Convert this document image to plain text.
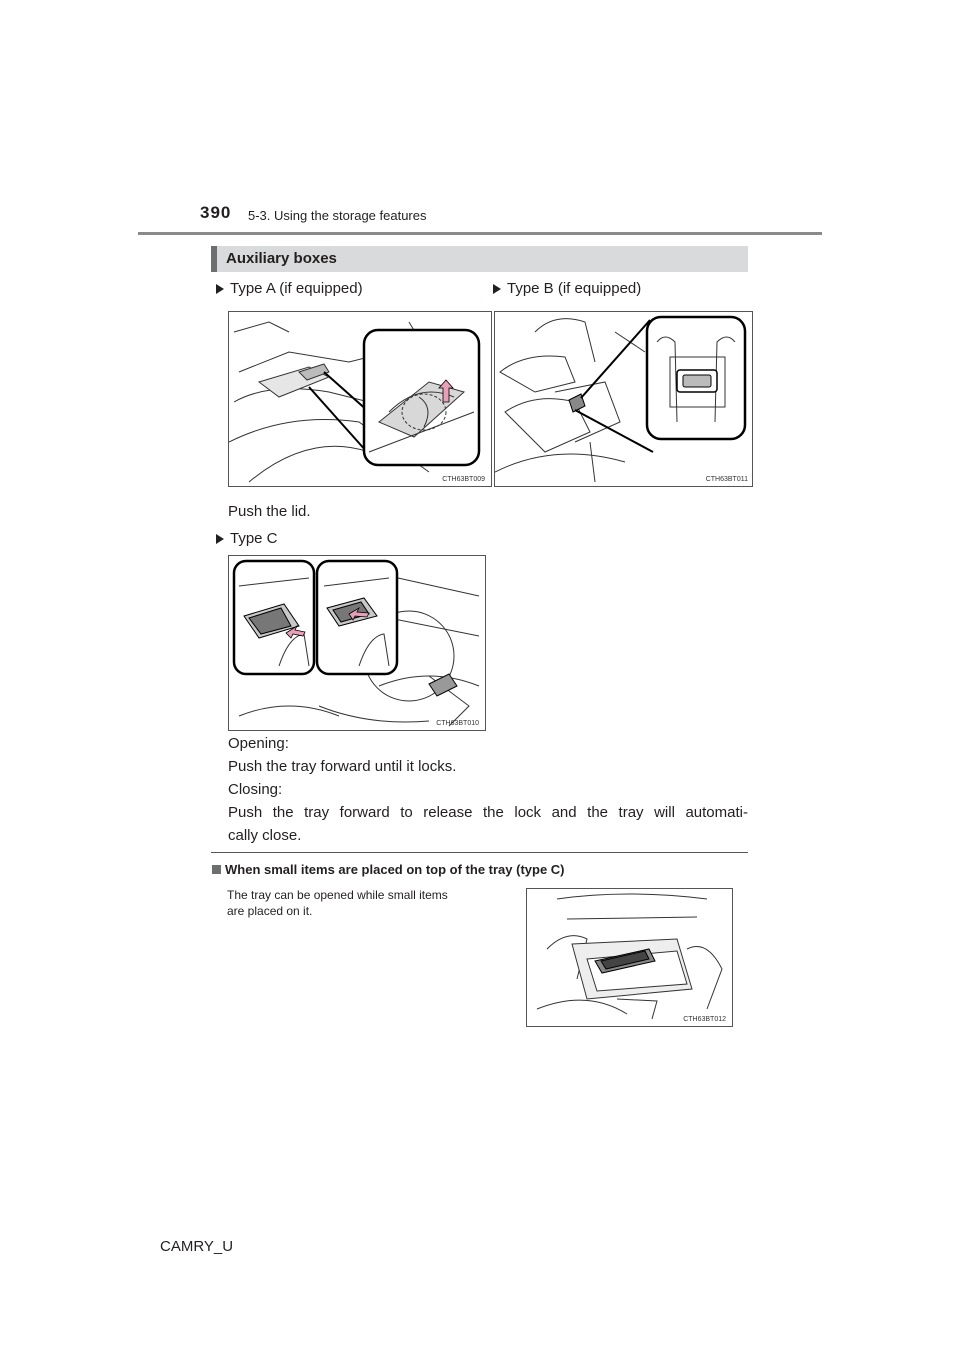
390 5-3. Using the storage features
Auxiliary boxes
Type A (if equipped)	Type B (if equipped)
CTH63BT009	CTH63BT011
Push the lid.
Type C
CTH63BT010
Opening:
Push the tray forward until it locks.
Closing:
Push the tray forward to release the lock and the tray will automati-
cally close.
When small items are placed on top of the tray (type C)
The tray can be opened while small items
are placed on it.
CTH63BT012
CAMRY_U
